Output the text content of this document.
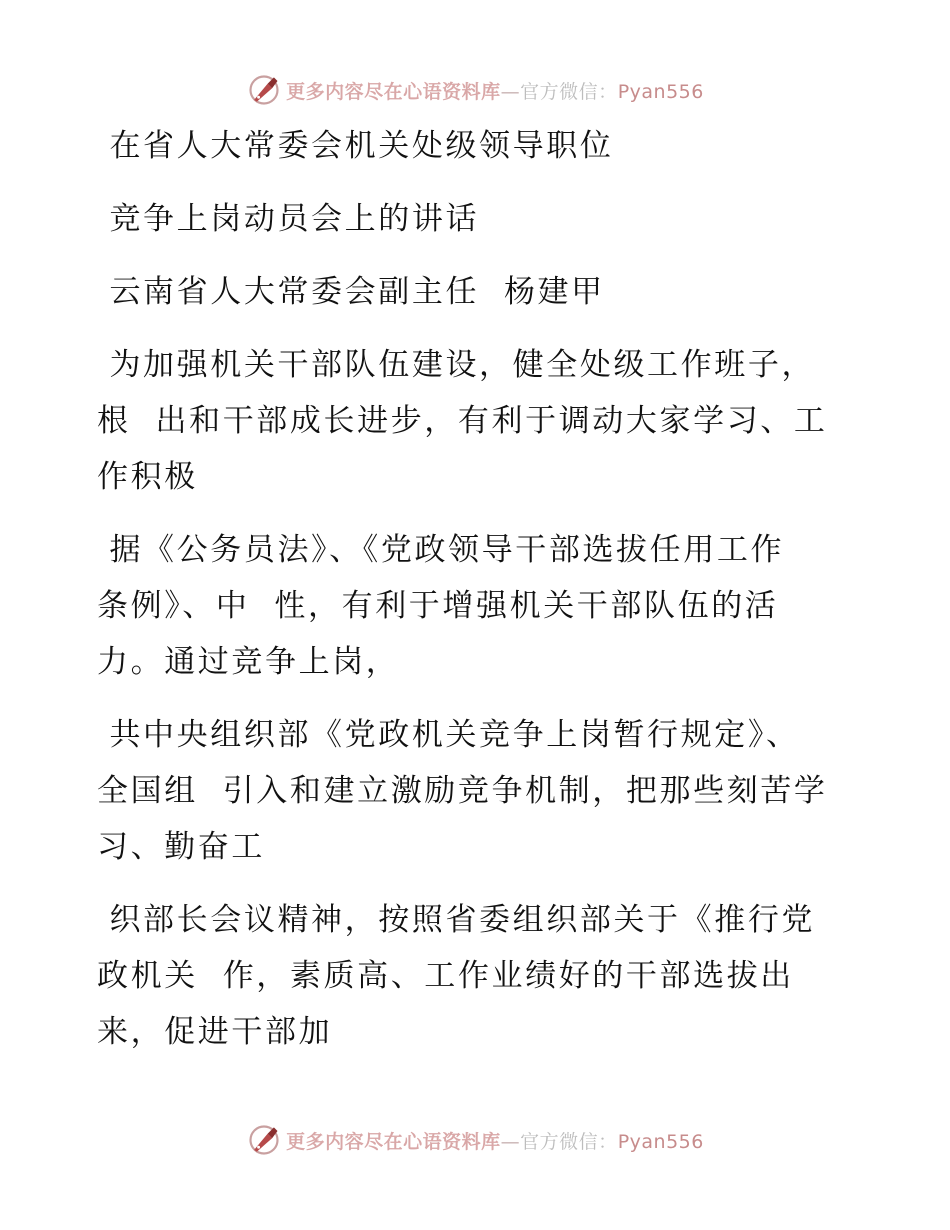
更多内容尽在心语资料库—官方微信：Pyan556

在省人大常委会机关处级领导职位

竞争上岗动员会上的讲话

云南省人大常委会副主任  杨建甲

为加强机关干部队伍建设，健全处级工作班子，

根  出和干部成长进步，有利于调动大家学习、工

作积极

据《公务员法》、《党政领导干部选拔任用工作

条例》、中  性，有利于增强机关干部队伍的活

力。通过竞争上岗，

共中央组织部《党政机关竞争上岗暂行规定》、

全国组  引入和建立激励竞争机制，把那些刻苦学

习、勤奋工

织部长会议精神，按照省委组织部关于《推行党

政机关  作，素质高、工作业绩好的干部选拔出

来，促进干部加

更多内容尽在心语资料库—官方微信：Pyan556
